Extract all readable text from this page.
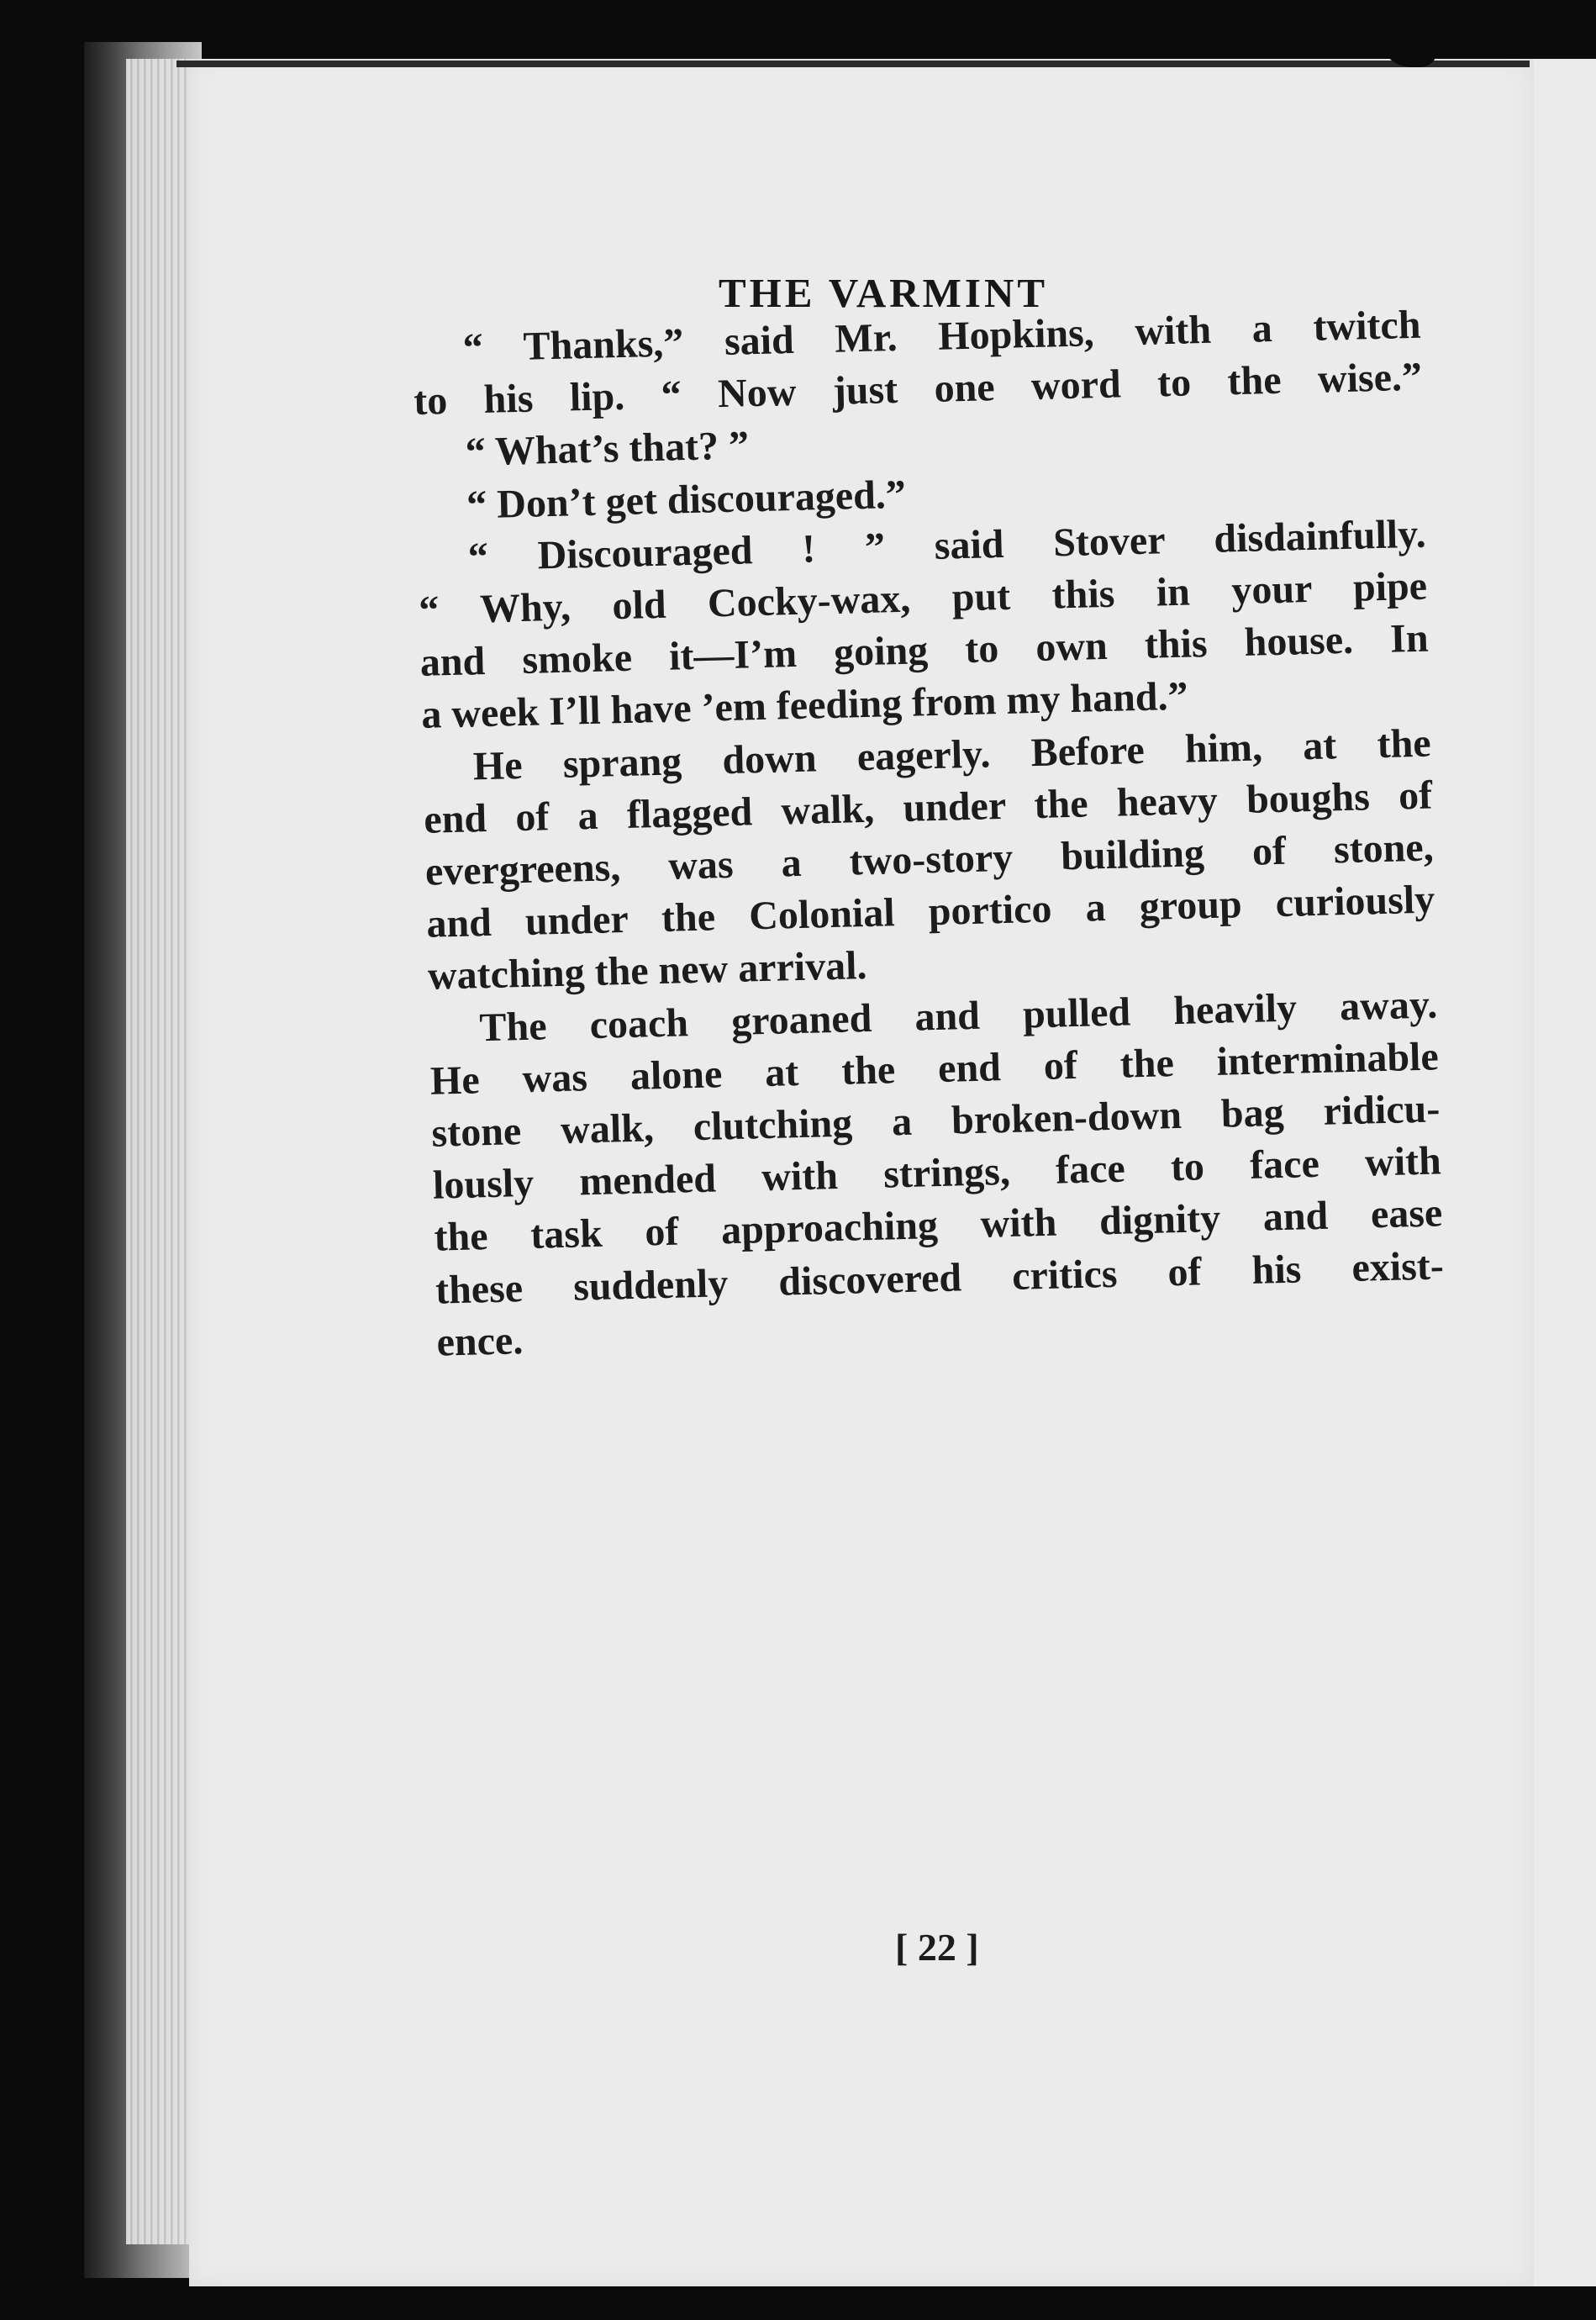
THE VARMINT
“ Thanks,” said Mr. Hopkins, with a twitch
to his lip. “ Now just one word to the wise.”
“ What’s that? ”
“ Don’t get discouraged.”
“ Discouraged ! ” said Stover disdainfully.
“ Why, old Cocky-wax, put this in your pipe
and smoke it—I’m going to own this house. In
a week I’ll have ’em feeding from my hand.”
He sprang down eagerly. Before him, at the
end of a flagged walk, under the heavy boughs of
evergreens, was a two-story building of stone,
and under the Colonial portico a group curiously
watching the new arrival.
The coach groaned and pulled heavily away.
He was alone at the end of the interminable
stone walk, clutching a broken-down bag ridicu-
lously mended with strings, face to face with
the task of approaching with dignity and ease
these suddenly discovered critics of his exist-
ence.
[ 22 ]
